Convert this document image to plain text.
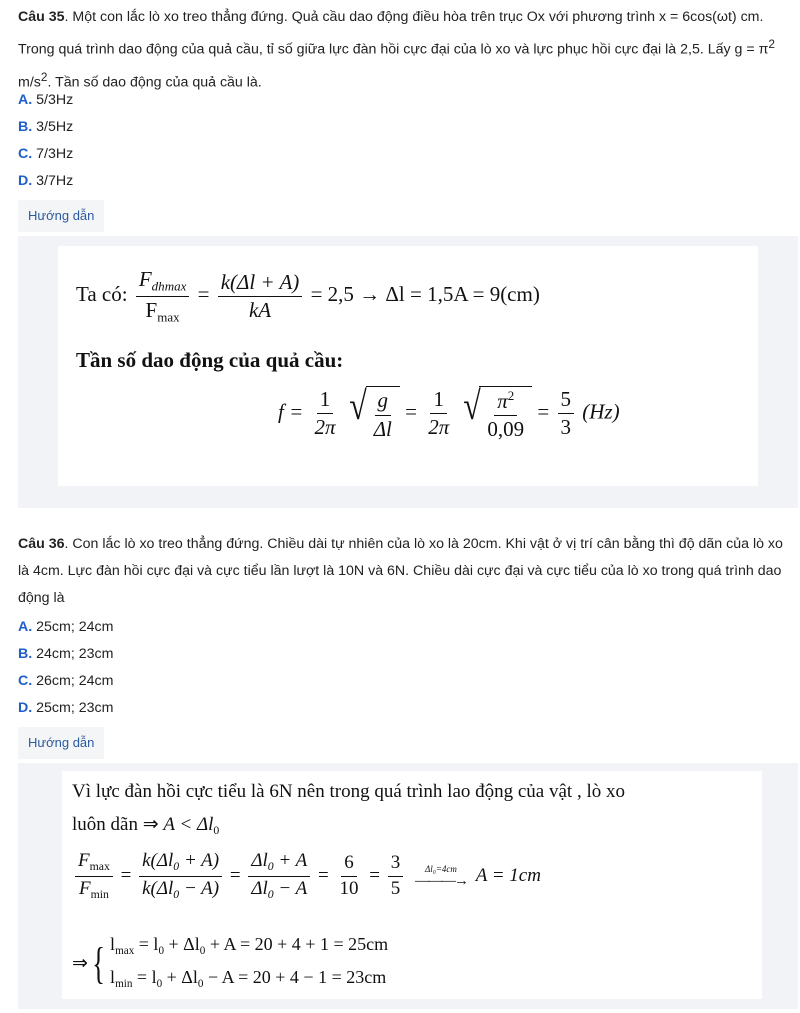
Câu 35. Một con lắc lò xo treo thẳng đứng. Quả cầu dao động điều hòa trên trục Ox với phương trình x = 6cos(ωt) cm. Trong quá trình dao động của quả cầu, tỉ số giữa lực đàn hồi cực đại của lò xo và lực phục hồi cực đại là 2,5. Lấy $g = \pi^2$ $m/s^2$. Tần số dao động của quả cầu là.
A. 5/3Hz
B. 3/5Hz
C. 7/3Hz
D. 3/7Hz
Hướng dẫn
Ta có: $\frac{F_{dhmax}}{F_{max}} = \frac{k(\Delta l + A)}{kA} = 2,5 \to \Delta l = 1,5A = 9(cm)$
Tần số dao động của quả cầu:
$f = \frac{1}{2\pi}$
√ $\frac{g}{\Delta l} = \frac{1}{2\pi}$
√ $\frac{\pi^2}{0,09} = \frac{5}{3} (Hz)$
Câu 36. Con lắc lò xo treo thẳng đứng. Chiều dài tự nhiên của lò xo là 20cm. Khi vật ở vị trí cân bằng thì độ dãn của lò xo là 4cm. Lực đàn hồi cực đại và cực tiểu lần lượt là 10N và 6N. Chiều dài cực đại và cực tiểu của lò xo trong quá trình dao động là
A. 25cm; 24cm
B. 24cm; 23cm
C. 26cm; 24cm
D. 25cm; 23cm
Hướng dẫn
Vì lực đàn hồi cực tiểu là 6N nên trong quá trình lao động của vật , lò xo
luôn dãn ⇒ $A < \Delta l_0$
$\frac{F_{max}}{F_{min}} = \frac{k(\Delta l_0 + A)}{k(\Delta l_0 - A)} = \frac{\Delta l_0 + A}{\Delta l_0 - A} = \frac{6}{10} = \frac{3}{5}$
Δl₀=4cm
———→ A = 1cm
⇒ { $l_{max} = l_0 + \Delta l_0 + A = 20 + 4 + 1 = 25cm$
$l_{min} = l_0 + \Delta l_0 - A = 20 + 4 - 1 = 23cm$
